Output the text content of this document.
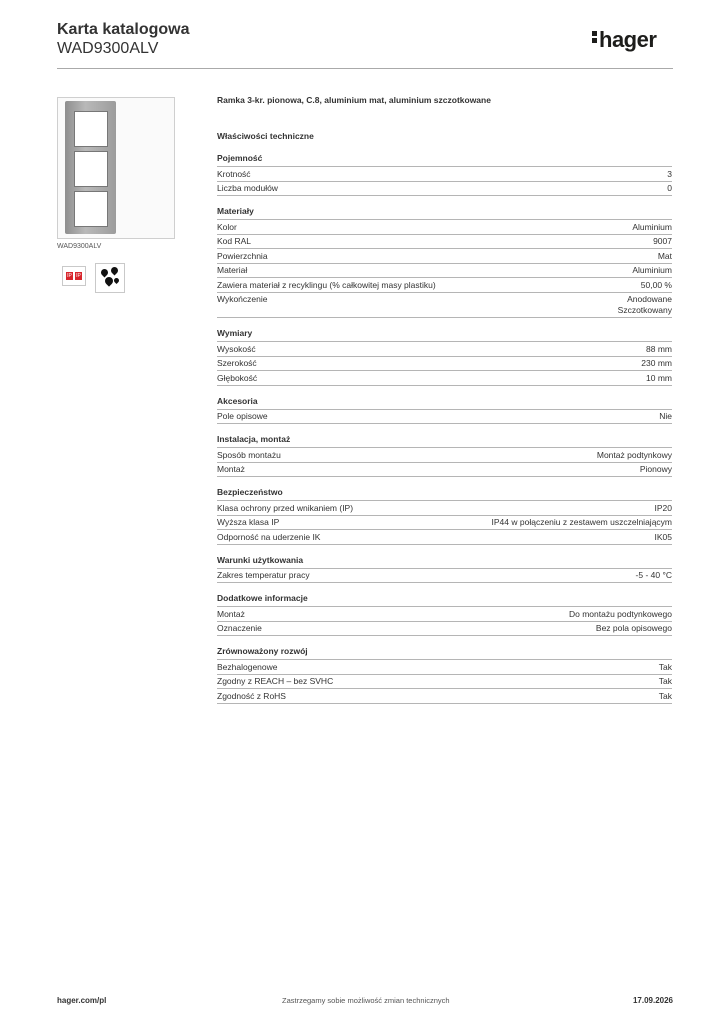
Karta katalogowa
WAD9300ALV	hager
WAD9300ALV
IP IP
Ramka 3-kr. pionowa, C.8, aluminium mat, aluminium szczotkowane
Właściwości techniczne
Pojemność
Krotność	3
Liczba modułów	0
Materiały
Kolor	Aluminium
Kod RAL	9007
Powierzchnia	Mat
Materiał	Aluminium
Zawiera materiał z recyklingu (% całkowitej masy plastiku)	50,00 %
Wykończenie	Anodowane
Szczotkowany
Wymiary
Wysokość	88 mm
Szerokość	230 mm
Głębokość	10 mm
Akcesoria
Pole opisowe	Nie
Instalacja, montaż
Sposób montażu	Montaż podtynkowy
Montaż	Pionowy
Bezpieczeństwo
Klasa ochrony przed wnikaniem (IP)	IP20
Wyższa klasa IP	IP44 w połączeniu z zestawem uszczelniającym
Odporność na uderzenie IK	IK05
Warunki użytkowania
Zakres temperatur pracy	-5 - 40 °C
Dodatkowe informacje
Montaż	Do montażu podtynkowego
Oznaczenie	Bez pola opisowego
Zrównoważony rozwój
Bezhalogenowe	Tak
Zgodny z REACH – bez SVHC	Tak
Zgodność z RoHS	Tak
hager.com/pl	Zastrzegamy sobie możliwość zmian technicznych	17.09.2026
